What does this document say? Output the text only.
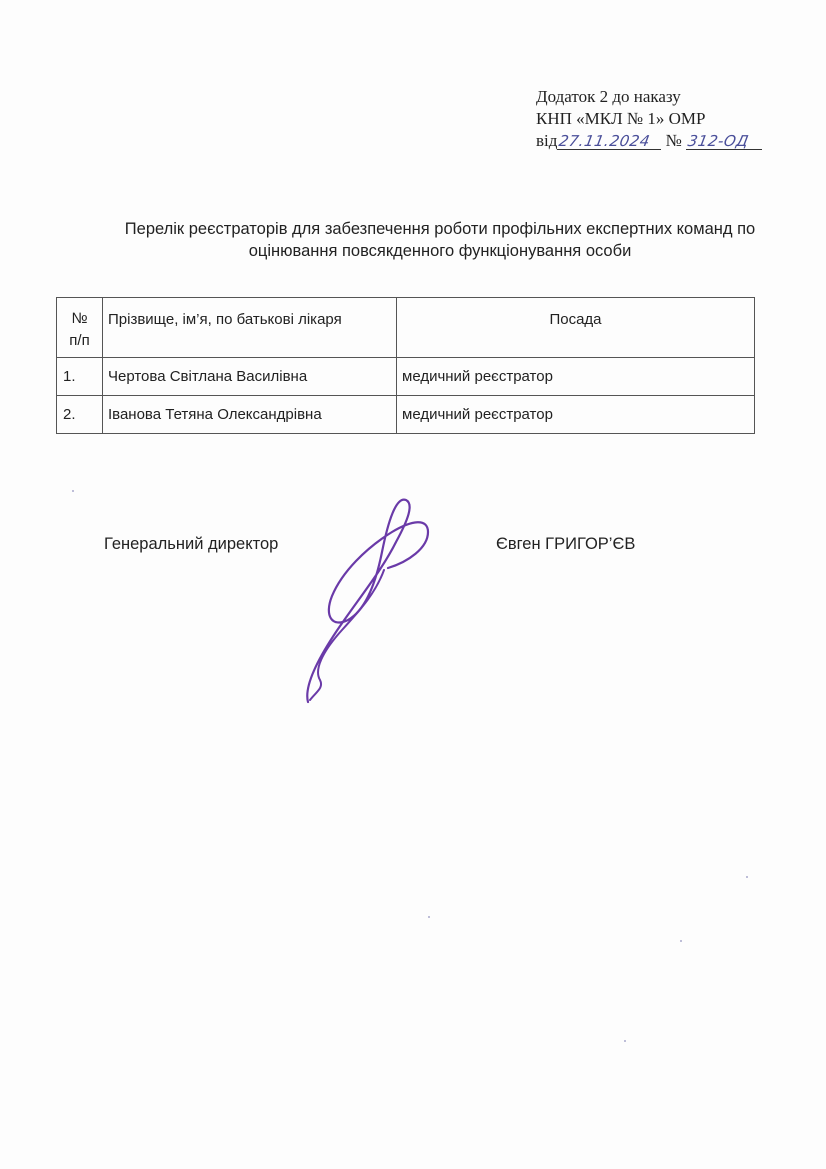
Додаток 2 до наказу
КНП «МКЛ № 1» ОМР
від27.11.2024 № 312-ОД
Перелік реєстраторів для забезпечення роботи профільних експертних команд по
оцінювання повсякденного функціонування особи
№
п/п	Прізвище, ім’я, по батькові лікаря	Посада
1.	Чертова Світлана Василівна	медичний реєстратор
2.	Іванова Тетяна Олександрівна	медичний реєстратор
Генеральний директор	Євген ГРИГОР’ЄВ
